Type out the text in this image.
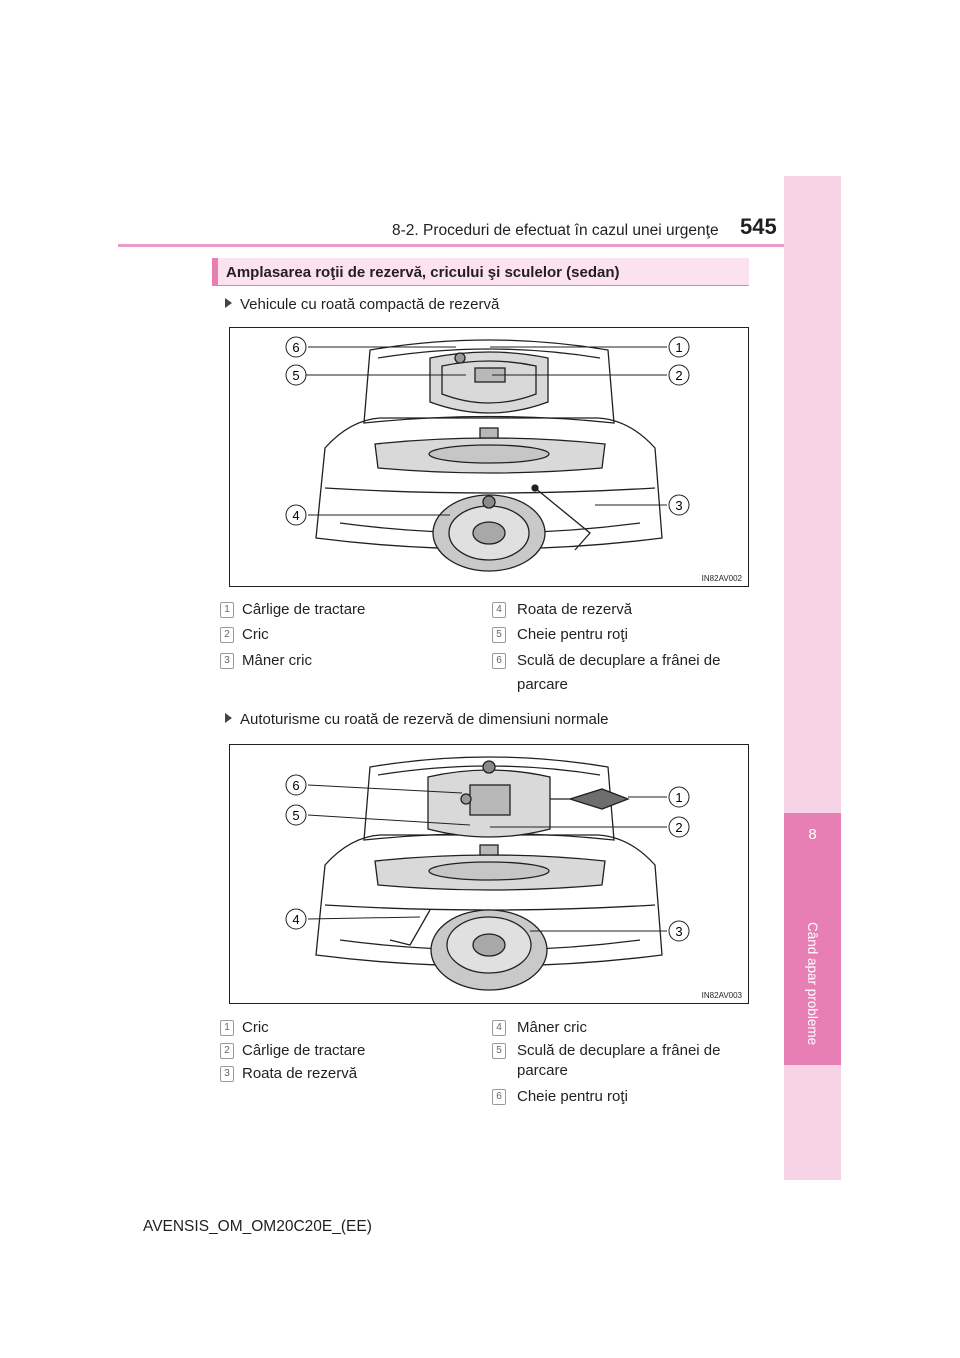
8-2. Proceduri de efectuat în cazul unei urgenţe 545
8
Când apar probleme
Amplasarea roţii de rezervă, cricului şi sculelor (sedan)
Vehicule cu roată compactă de rezervă
6
5
4
1
2
3
IN82AV002
1 Cârlige de tractare
2 Cric
3 Mâner cric
4 Roata de rezervă
5 Cheie pentru roţi
6 Sculă de decuplare a frânei de
parcare
Autoturisme cu roată de rezervă de dimensiuni normale
6
5
4
1
2
3
IN82AV003
1 Cric
2 Cârlige de tractare
3 Roata de rezervă
4 Mâner cric
5 Sculă de decuplare a frânei de
parcare
6 Cheie pentru roţi
AVENSIS_OM_OM20C20E_(EE)
